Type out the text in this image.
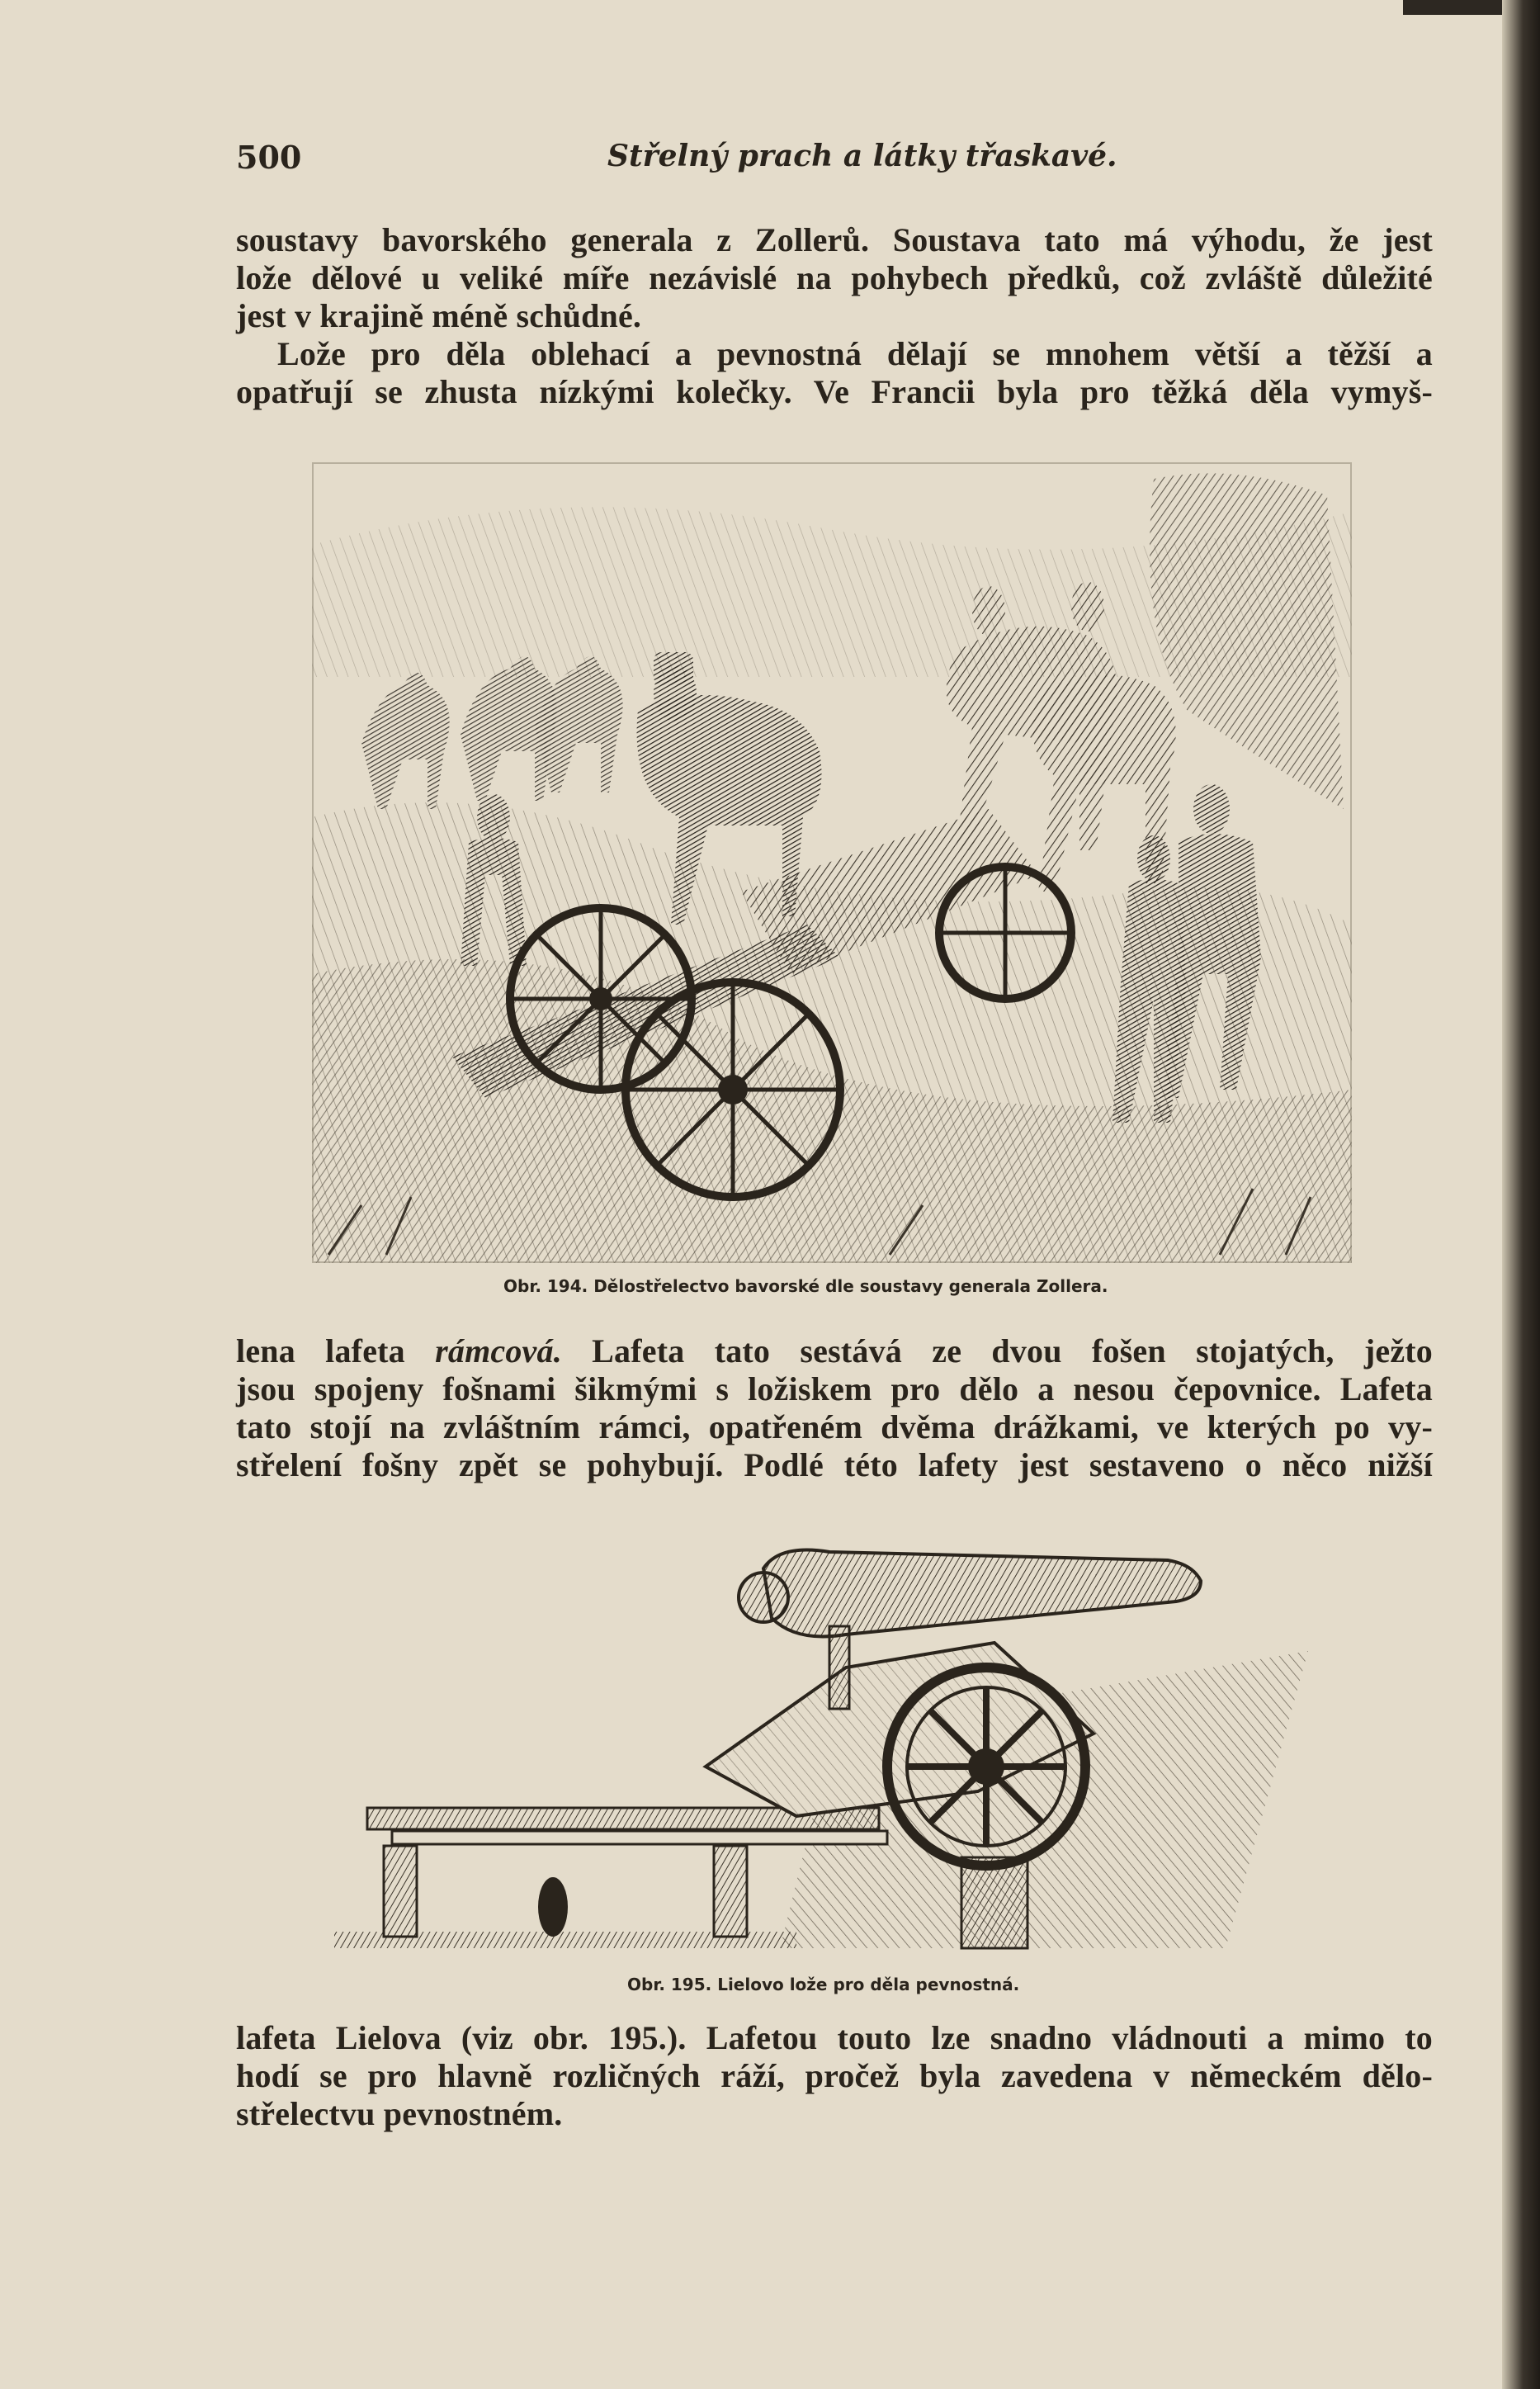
500	Střelný prach a látky třaskavé.
soustavy bavorského generala z Zollerů. Soustava tato má výhodu, že jest
lože dělové u veliké míře nezávislé na pohybech předků, což zvláště důležité
jest v krajině méně schůdné.
Lože pro děla oblehací a pevnostná dělají se mnohem větší a těžší a
opatřují se zhusta nízkými kolečky. Ve Francii byla pro těžká děla vymyš-
Obr. 194. Dělostřelectvo bavorské dle soustavy generala Zollera.
lena lafeta rámcová. Lafeta tato sestává ze dvou fošen stojatých, ježto
jsou spojeny fošnami šikmými s ložiskem pro dělo a nesou čepovnice. Lafeta
tato stojí na zvláštním rámci, opatřeném dvěma drážkami, ve kterých po vy-
střelení fošny zpět se pohybují. Podlé této lafety jest sestaveno o něco nižší
Obr. 195. Lielovo lože pro děla pevnostná.
lafeta Lielova (viz obr. 195.). Lafetou touto lze snadno vládnouti a mimo to
hodí se pro hlavně rozličných ráží, pročež byla zavedena v německém dělo-
střelectvu pevnostném.
